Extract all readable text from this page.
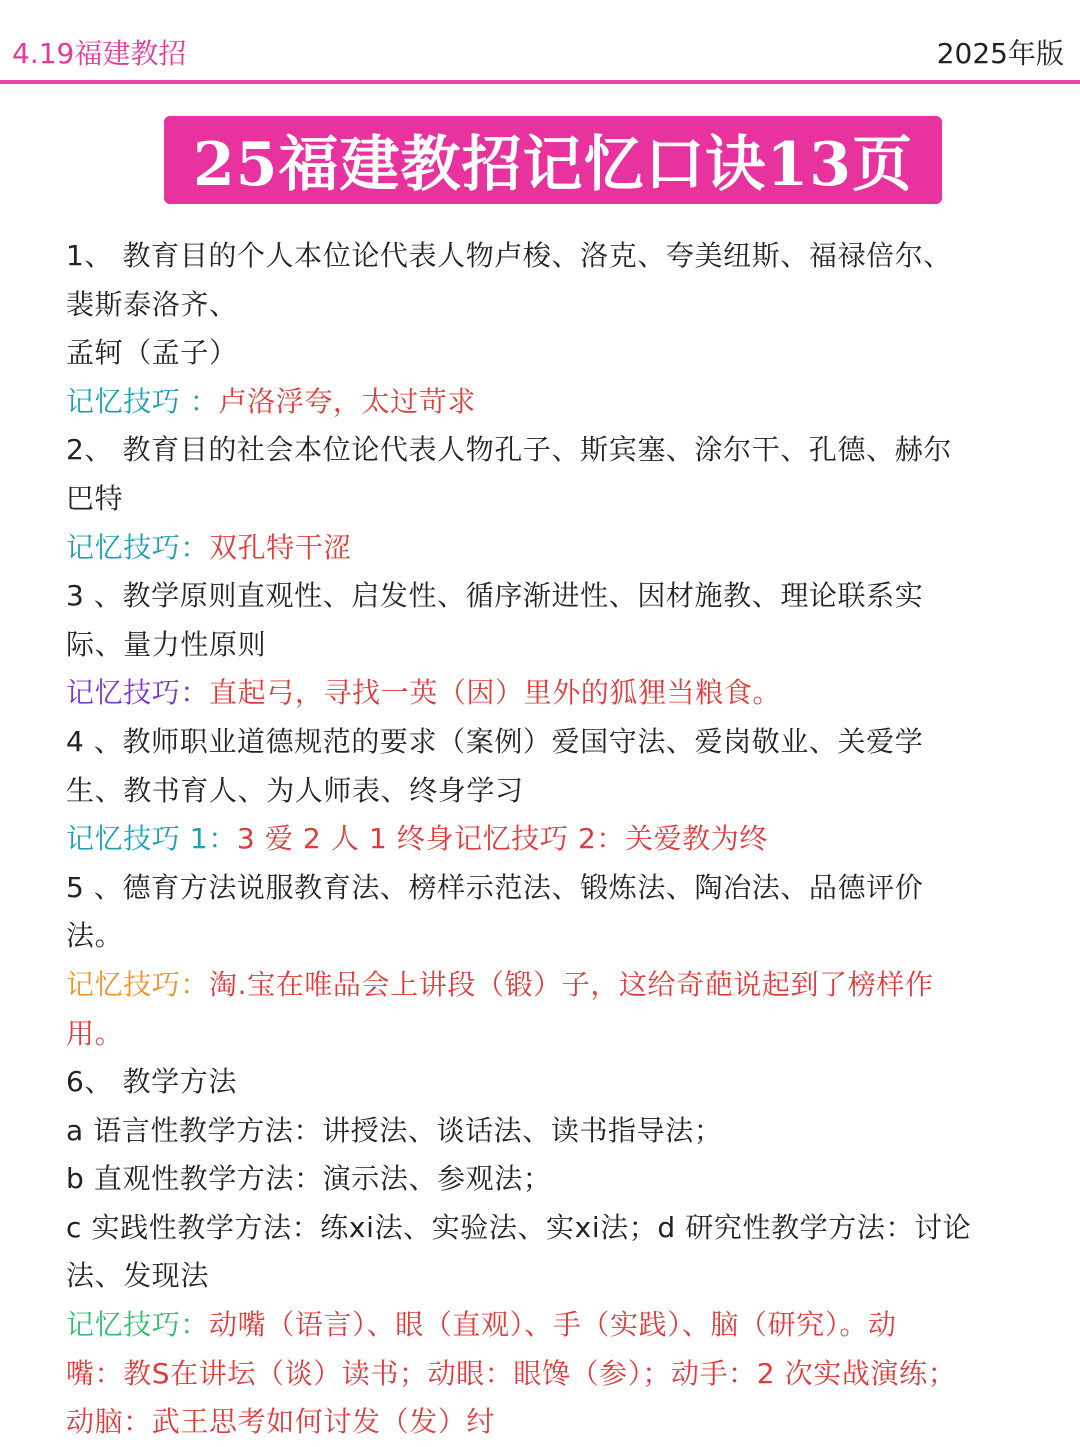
4.19福建教招	2025年版
25福建教招记忆口诀13页
1、 教育目的个人本位论代表人物卢梭、洛克、夸美纽斯、福禄倍尔、
裴斯泰洛齐、
孟轲（孟子）
记忆技巧 ：卢洛浮夸，太过苛求
2、 教育目的社会本位论代表人物孔子、斯宾塞、涂尔干、孔德、赫尔
巴特
记忆技巧：双孔特干涩
3 、教学原则直观性、启发性、循序渐进性、因材施教、理论联系实
际、量力性原则
记忆技巧：直起弓，寻找一英（因）里外的狐狸当粮食。
4 、教师职业道德规范的要求（案例）爱国守法、爱岗敬业、关爱学
生、教书育人、为人师表、终身学习
记忆技巧 1：3 爱 2 人 1 终身记忆技巧 2：关爱教为终
5 、德育方法说服教育法、榜样示范法、锻炼法、陶冶法、品德评价
法。
记忆技巧：淘.宝在唯品会上讲段（锻）子，这给奇葩说起到了榜样作
用。
6、 教学方法
a 语言性教学方法：讲授法、谈话法、读书指导法；
b 直观性教学方法：演示法、参观法；
c 实践性教学方法：练xi法、实验法、实xi法；d 研究性教学方法：讨论
法、发现法
记忆技巧：动嘴（语言）、眼（直观）、手（实践）、脑（研究）。动
嘴：教S在讲坛（谈）读书；动眼：眼馋（参）；动手：2 次实战演练；
动脑：武王思考如何讨发（发）纣
